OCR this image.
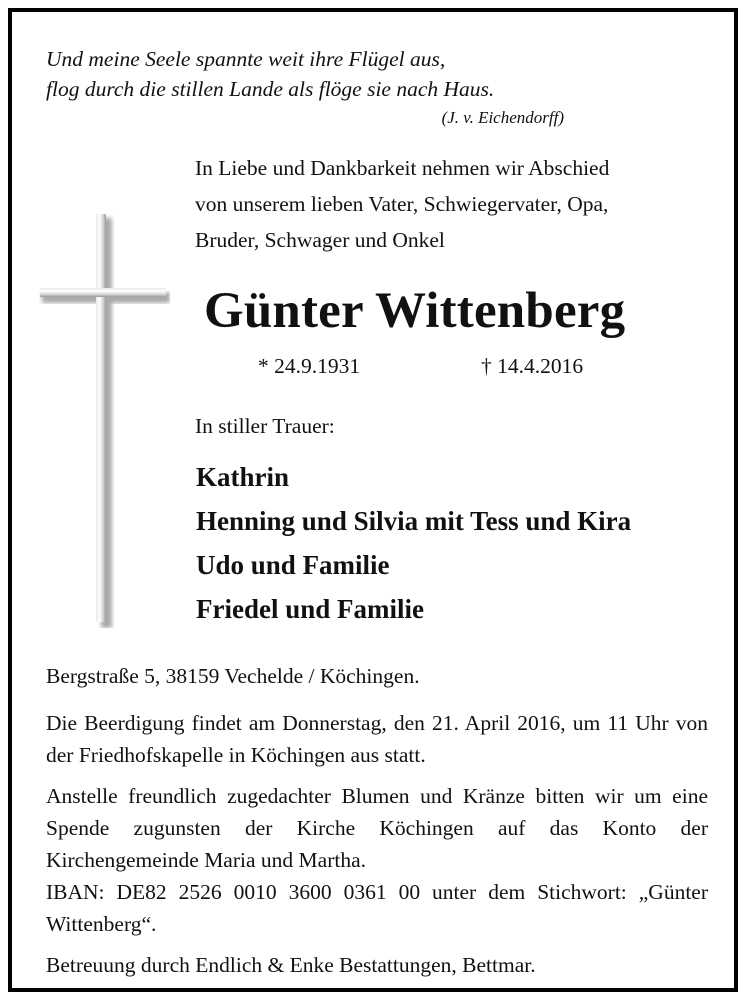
Und meine Seele spannte weit ihre Flügel aus,
flog durch die stillen Lande als flöge sie nach Haus.
(J. v. Eichendorff)
In Liebe und Dankbarkeit nehmen wir Abschied
von unserem lieben Vater, Schwiegervater, Opa,
Bruder, Schwager und Onkel
Günter Wittenberg
* 24.9.1931	† 14.4.2016
In stiller Trauer:
Kathrin
Henning und Silvia mit Tess und Kira
Udo und Familie
Friedel und Familie

Bergstraße 5, 38159 Vechelde / Köchingen.

Die Beerdigung findet am Donnerstag, den 21. April 2016, um 11 Uhr von der Friedhofskapelle in Köchingen aus statt.

Anstelle freundlich zugedachter Blumen und Kränze bitten wir um eine Spende zugunsten der Kirche Köchingen auf das Konto der Kirchengemeinde Maria und Martha.

IBAN: DE82 2526 0010 3600 0361 00 unter dem Stichwort: „Günter Wittenberg“.

Betreuung durch Endlich & Enke Bestattungen, Bettmar.
